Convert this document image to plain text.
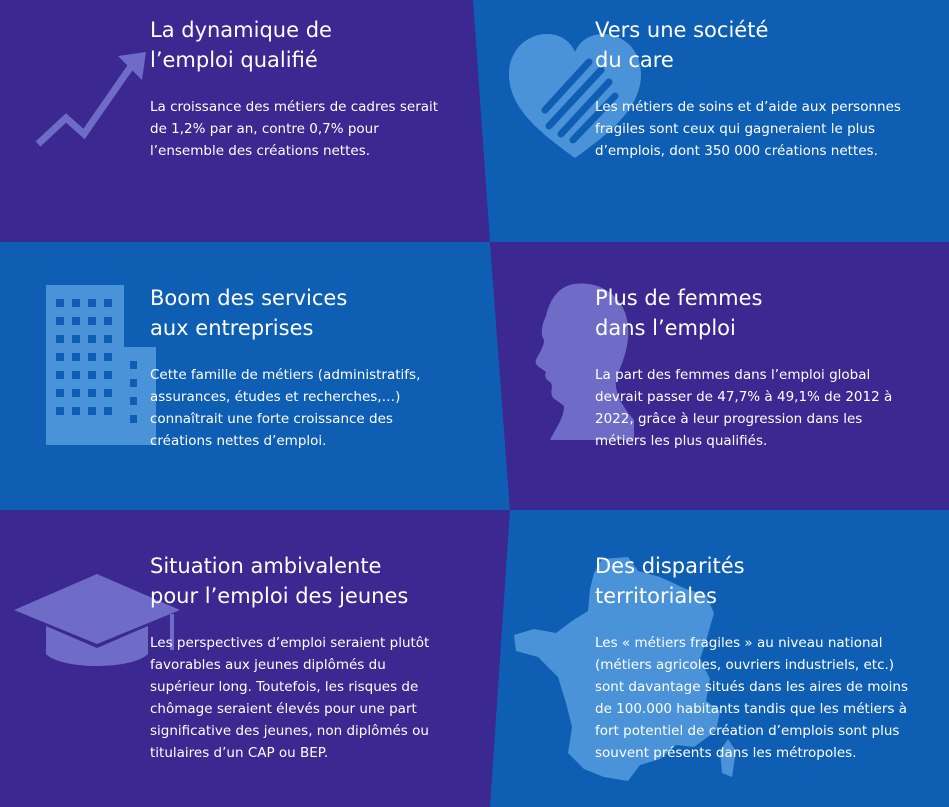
La dynamique de
l’emploi qualifié

La croissance des métiers de cadres serait de 1,2% par an, contre 0,7% pour l’ensemble des créations nettes.

Vers une société
du care

Les métiers de soins et d’aide aux personnes fragiles sont ceux qui gagneraient le plus d’emplois, dont 350 000 créations nettes.

Boom des services
aux entreprises

Cette famille de métiers (administratifs, assurances, études et recherches,…) connaîtrait une forte croissance des créations nettes d’emploi.

Plus de femmes
dans l’emploi

La part des femmes dans l’emploi global devrait passer de 47,7% à 49,1% de 2012 à 2022, grâce à leur progression dans les métiers les plus qualifiés.

Situation ambivalente
pour l’emploi des jeunes

Les perspectives d’emploi seraient plutôt favorables aux jeunes diplômés du supérieur long. Toutefois, les risques de chômage seraient élevés pour une part significative des jeunes, non diplômés ou titulaires d’un CAP ou BEP.

Des disparités
territoriales

Les « métiers fragiles » au niveau national (métiers agricoles, ouvriers industriels, etc.) sont davantage situés dans les aires de moins de 100.000 habitants tandis que les métiers à fort potentiel de création d’emplois sont plus souvent présents dans les métropoles.
